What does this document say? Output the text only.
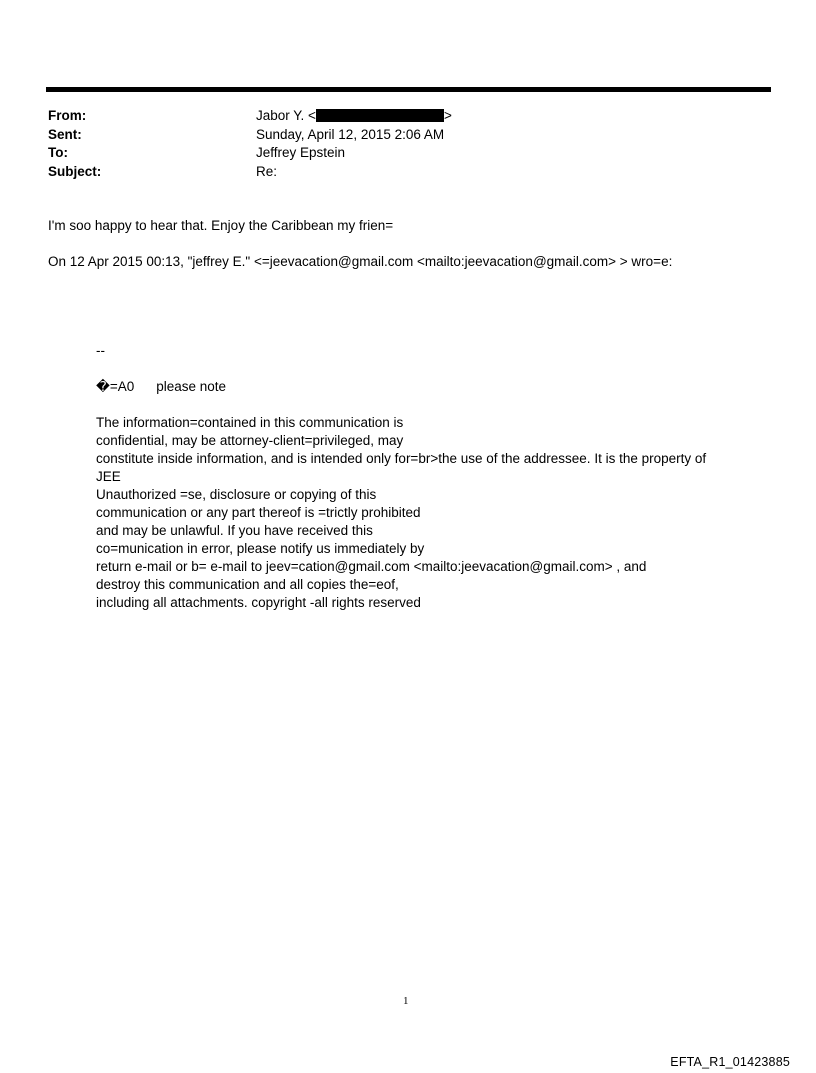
From:	Jabor Y. <	>
Sent:	Sunday, April 12, 2015 2:06 AM
To:	Jeffrey Epstein
Subject:	Re:
I'm soo happy to hear that. Enjoy the Caribbean my frien=
On 12 Apr 2015 00:13, "jeffrey E." <=jeevacation@gmail.com <mailto:jeevacation@gmail.com> > wro=e:
--
�=A0 please note
The information=contained in this communication is
confidential, may be attorney-client=privileged, may
constitute inside information, and is intended only for=br>the use of the addressee. It is the property of
JEE
Unauthorized =se, disclosure or copying of this
communication or any part thereof is =trictly prohibited
and may be unlawful. If you have received this
co=munication in error, please notify us immediately by
return e-mail or b= e-mail to jeev=cation@gmail.com <mailto:jeevacation@gmail.com> , and
destroy this communication and all copies the=eof,
including all attachments. copyright -all rights reserved
1
EFTA_R1_01423885
